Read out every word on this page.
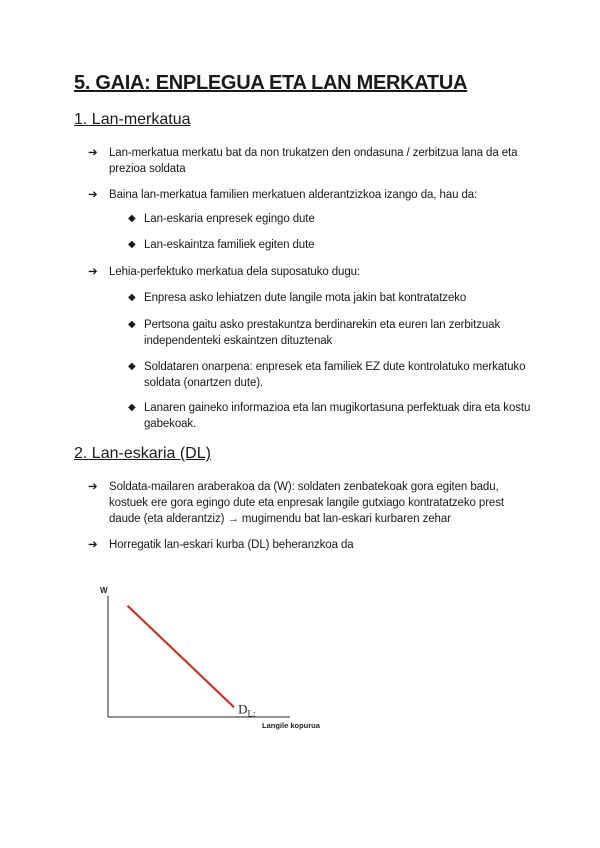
5. GAIA: ENPLEGUA ETA LAN MERKATUA
1. Lan-merkatua
➔ Lan-merkatua merkatu bat da non trukatzen den ondasuna / zerbitzua lana da eta prezioa soldata
➔ Baina lan-merkatua familien merkatuen alderantzizkoa izango da, hau da:
◆ Lan-eskaria enpresek egingo dute
◆ Lan-eskaintza familiek egiten dute
➔ Lehia-perfektuko merkatua dela suposatuko dugu:
◆ Enpresa asko lehiatzen dute langile mota jakin bat kontratatzeko
◆ Pertsona gaitu asko prestakuntza berdinarekin eta euren lan zerbitzuak independenteki eskaintzen dituztenak
◆ Soldataren onarpena: enpresek eta familiek EZ dute kontrolatuko merkatuko soldata (onartzen dute).
◆ Lanaren gaineko informazioa eta lan mugikortasuna perfektuak dira eta kostu gabekoak.
2. Lan-eskaria (DL)
➔ Soldata-mailaren araberakoa da (W): soldaten zenbatekoak gora egiten badu, kostuek ere gora egingo dute eta enpresak langile gutxiago kontratatzeko prest daude (eta alderantziz) → mugimendu bat lan-eskari kurbaren zehar
➔ Horregatik lan-eskari kurba (DL) beheranzkoa da
W
Langile kopurua
$D_{L:}$
